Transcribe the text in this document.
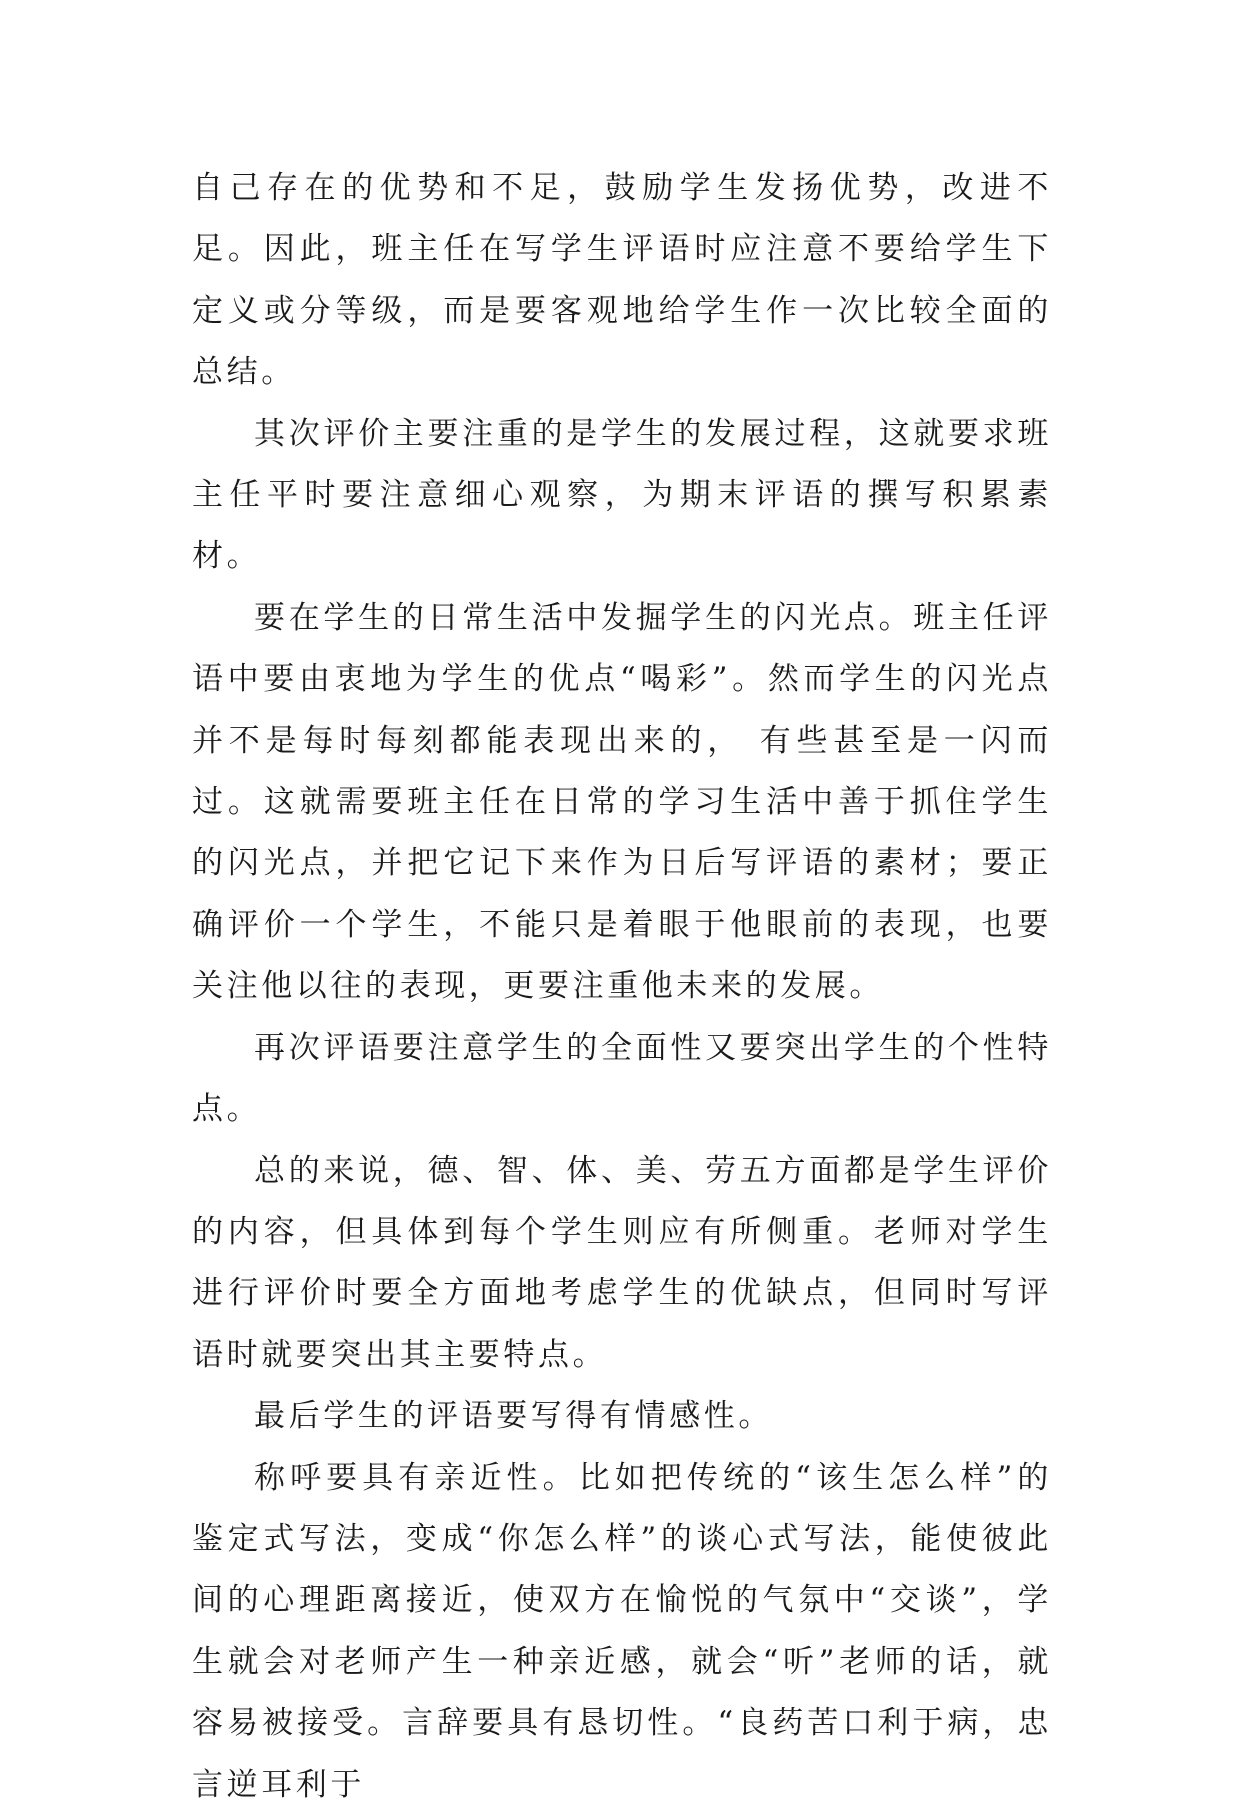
自己存在的优势和不足，鼓励学生发扬优势，改进不足。因此，班主任在写学生评语时应注意不要给学生下定义或分等级，而是要客观地给学生作一次比较全面的总结。

其次评价主要注重的是学生的发展过程，这就要求班主任平时要注意细心观察，为期末评语的撰写积累素材。

要在学生的日常生活中发掘学生的闪光点。班主任评语中要由衷地为学生的优点“喝彩”。然而学生的闪光点并不是每时每刻都能表现出来的， 有些甚至是一闪而过。这就需要班主任在日常的学习生活中善于抓住学生的闪光点，并把它记下来作为日后写评语的素材；要正确评价一个学生，不能只是着眼于他眼前的表现，也要关注他以往的表现，更要注重他未来的发展。

再次评语要注意学生的全面性又要突出学生的个性特点。

总的来说，德、智、体、美、劳五方面都是学生评价的内容，但具体到每个学生则应有所侧重。老师对学生进行评价时要全方面地考虑学生的优缺点，但同时写评语时就要突出其主要特点。

最后学生的评语要写得有情感性。

称呼要具有亲近性。比如把传统的“该生怎么样”的鉴定式写法，变成“你怎么样”的谈心式写法，能使彼此间的心理距离接近，使双方在愉悦的气氛中“交谈”，学生就会对老师产生一种亲近感，就会“听”老师的话，就容易被接受。言辞要具有恳切性。“良药苦口利于病，忠言逆耳利于
